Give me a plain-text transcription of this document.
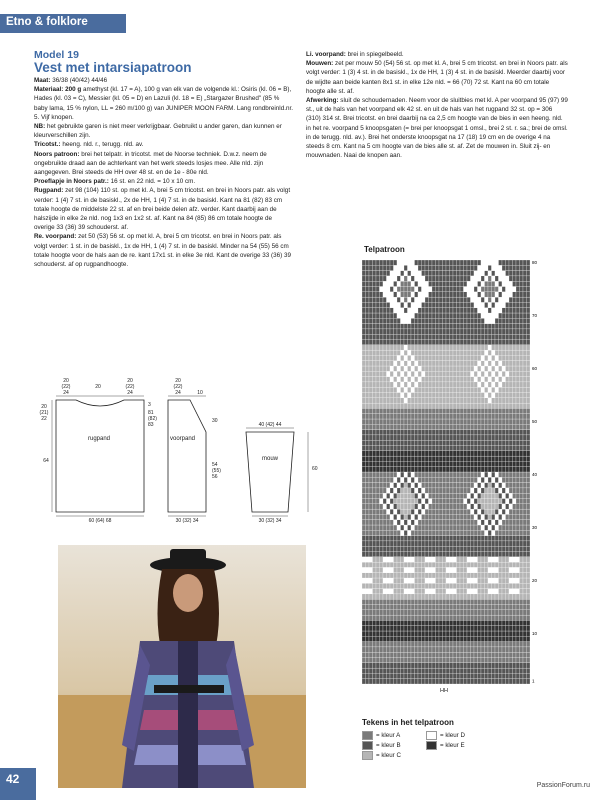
Etno & folklore
Model 19
Vest met intarsiapatroon

Maat: 36/38 (40/42) 44/46

Materiaal: 200 g amethyst (kl. 17 = A), 100 g van elk van de volgende kl.: Osiris (kl. 06 = B), Hades (kl. 03 = C), Messier (kl. 05 = D) en Lazuli (kl. 18 = E) „Stargazer Brushed" (85 % baby lama, 15 % nylon, LL = 260 m/100 g) van JUNIPER MOON FARM. Lang rondbreinld.nr. 5. Vijf knopen.

NB: het gebruikte garen is niet meer verkrijgbaar. Gebruikt u ander garen, dan kunnen er kleurverschillen zijn.

Tricotst.: heeng. nld. r., terugg. nld. av.

Noors patroon: brei het telpatr. in tricotst. met de Noorse techniek. D.w.z. neem de ongebruikte draad aan de achterkant van het werk steeds losjes mee. Alle nld. zijn aangegeven. Brei steeds de HH over 48 st. en de 1e - 80e nld.

Proeflapje in Noors patr.: 16 st. en 22 nld. = 10 x 10 cm.

Rugpand: zet 98 (104) 110 st. op met kl. A, brei 5 cm tricotst. en brei in Noors patr. als volgt verder: 1 (4) 7 st. in de basiskl., 2x de HH, 1 (4) 7 st. in de basiskl. Kant na 81 (82) 83 cm totale hoogte de middelste 22 st. af en brei beide delen afz. verder. Kant daarbij aan de halszijde in elke 2e nld. nog 1x3 en 1x2 st. af. Kant na 84 (85) 86 cm totale hoogte de overige 33 (36) 39 schouderst. af.

Re. voorpand: zet 50 (53) 56 st. op met kl. A, brei 5 cm tricotst. en brei in Noors patr. als volgt verder: 1 st. in de basiskl., 1x de HH, 1 (4) 7 st. in de basiskl. Minder na 54 (55) 56 cm totale hoogte voor de hals aan de re. kant 17x1 st. in elke 3e nld. Kant de overige 33 (36) 39 schouderst. af op rugpandhoogte.

Li. voorpand: brei in spiegelbeeld.

Mouwen: zet per mouw 50 (54) 56 st. op met kl. A, brei 5 cm tricotst. en brei in Noors patr. als volgt verder: 1 (3) 4 st. in de basiskl., 1x de HH, 1 (3) 4 st. in de basiskl. Meerder daarbij voor de wijdte aan beide kanten 8x1 st. in elke 12e nld. = 66 (70) 72 st. Kant na 60 cm totale hoogte alle st. af.

Afwerking: sluit de schoudernaden. Neem voor de sluitbies met kl. A per voorpand 95 (97) 99 st., uit de hals van het voorpand elk 42 st. en uit de hals van het rugpand 32 st. op = 306 (310) 314 st. Brei tricotst. en brei daarbij na ca 2,5 cm hoogte van de bies in een heeng. nld. in het re. voorpand 5 knoopsgaten (= brei per knoopsgat 1 omsl., brei 2 st. r. sa.; brei de omsl. in de terugg. nld. av.). Brei het onderste knoopsgat na 17 (18) 19 cm en de overige 4 na steeds 8 cm. Kant na 5 cm hoogte van de bies alle st. af. Zet de mouwen in. Sluit zij- en mouwnaden. Naai de knopen aan.

rugpand
20
(22)
24
20
20
(22)
24
20
(21)
22
64
3
81
(82)
83
60 (64) 68
voorpand
20
(22)
24	10
30
54
(55)
56
30 (32) 34
mouw
40 (42) 44
60
30 (32) 34
Telpatroon
80
70
60
50
40
30
20
10
1
HH
Tekens in het telpatroon
= kleur A	= kleur D
= kleur B	= kleur E
= kleur C
42	PassionForum.ru
